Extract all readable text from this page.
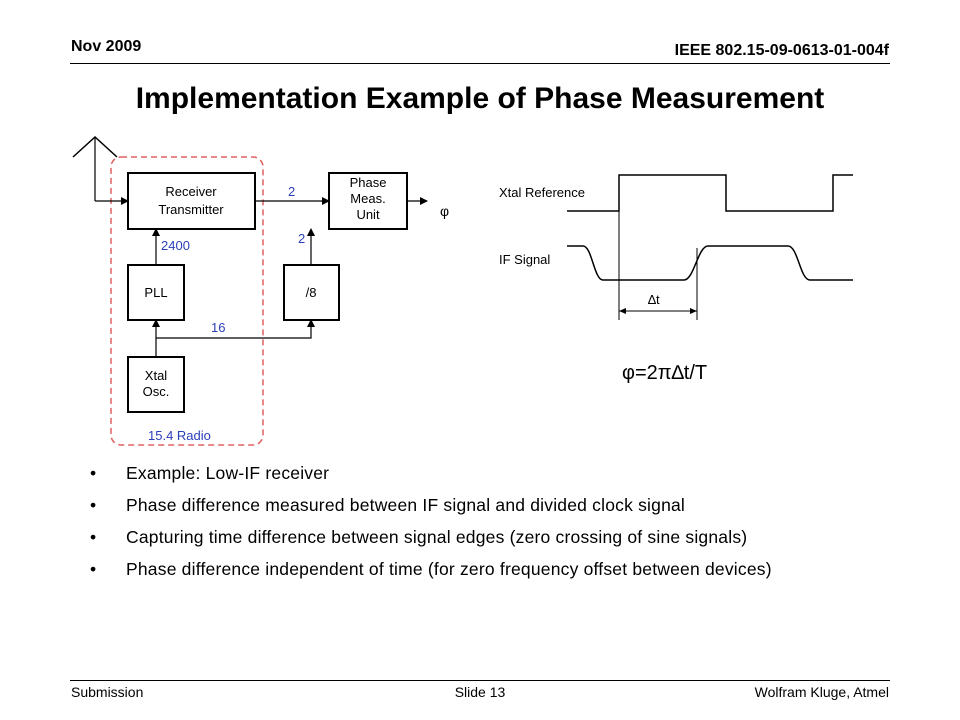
Nov 2009	IEEE 802.15-09-0613-01-004f
Implementation Example of Phase Measurement
Receiver
Transmitter
Phase
Meas.
Unit
PLL	/8
Xtal
Osc.
2
2
2400
16
15.4 Radio
φ
Xtal Reference
IF Signal
∆t
φ=2π∆t/T
• Example: Low-IF receiver
• Phase difference measured between IF signal and divided clock signal
• Capturing time difference between signal edges (zero crossing of sine signals)
• Phase difference independent of time (for zero frequency offset between devices)
Submission	Slide 13	Wolfram Kluge, Atmel
